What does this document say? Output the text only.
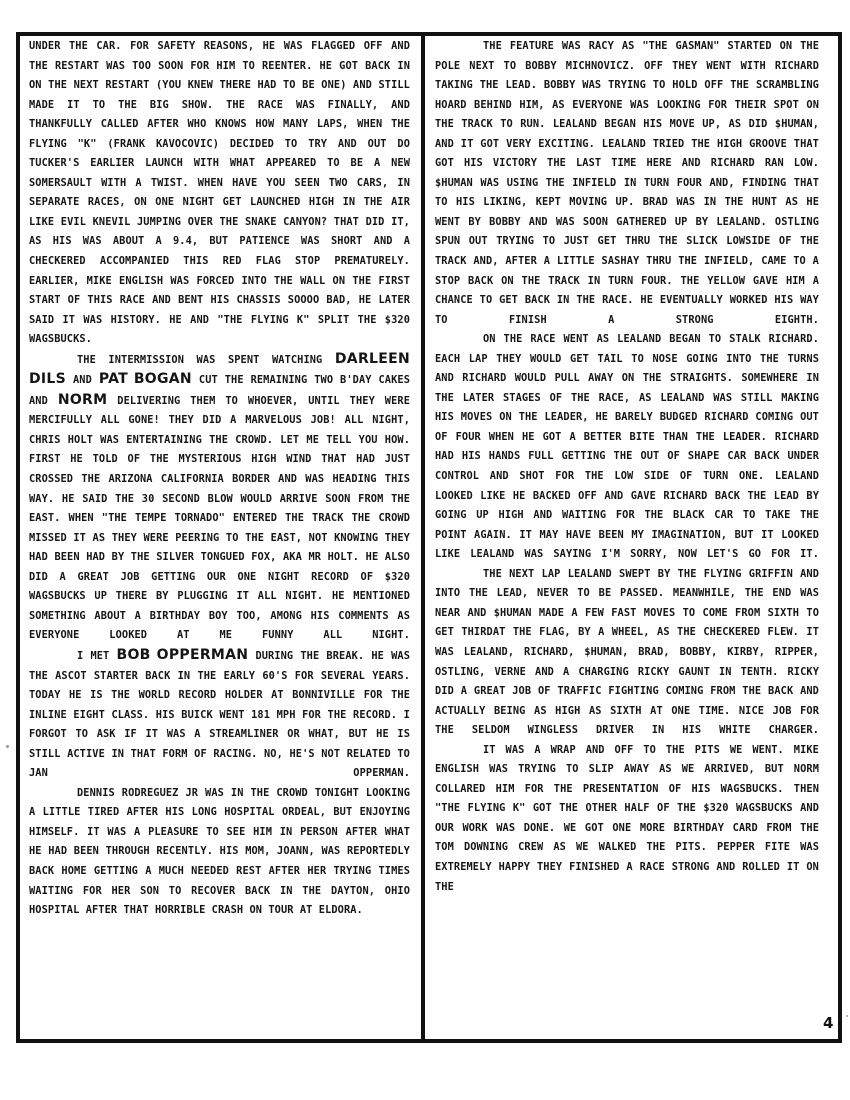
UNDER THE CAR. FOR SAFETY REASONS, HE WAS FLAGGED OFF AND THE RESTART WAS TOO SOON FOR HIM TO REENTER. HE GOT BACK IN ON THE NEXT RESTART (YOU KNEW THERE HAD TO BE ONE) AND STILL MADE IT TO THE BIG SHOW. THE RACE WAS FINALLY, AND THANKFULLY CALLED AFTER WHO KNOWS HOW MANY LAPS, WHEN THE FLYING "K" (FRANK KAVOCOVIC) DECIDED TO TRY AND OUT DO TUCKER'S EARLIER LAUNCH WITH WHAT APPEARED TO BE A NEW SOMERSAULT WITH A TWIST. WHEN HAVE YOU SEEN TWO CARS, IN SEPARATE RACES, ON ONE NIGHT GET LAUNCHED HIGH IN THE AIR LIKE EVIL KNEVIL JUMPING OVER THE SNAKE CANYON? THAT DID IT, AS HIS WAS ABOUT A 9.4, BUT PATIENCE WAS SHORT AND A CHECKERED ACCOMPANIED THIS RED FLAG STOP PREMATURELY. EARLIER, MIKE ENGLISH WAS FORCED INTO THE WALL ON THE FIRST START OF THIS RACE AND BENT HIS CHASSIS SOOOO BAD, HE LATER SAID IT WAS HISTORY. HE AND "THE FLYING K" SPLIT THE $320 WAGSBUCKS.

THE INTERMISSION WAS SPENT WATCHING DARLEEN DILS AND PAT BOGAN CUT THE REMAINING TWO B'DAY CAKES AND NORM DELIVERING THEM TO WHOEVER, UNTIL THEY WERE MERCIFULLY ALL GONE! THEY DID A MARVELOUS JOB! ALL NIGHT, CHRIS HOLT WAS ENTERTAINING THE CROWD. LET ME TELL YOU HOW. FIRST HE TOLD OF THE MYSTERIOUS HIGH WIND THAT HAD JUST CROSSED THE ARIZONA CALIFORNIA BORDER AND WAS HEADING THIS WAY. HE SAID THE 30 SECOND BLOW WOULD ARRIVE SOON FROM THE EAST. WHEN "THE TEMPE TORNADO" ENTERED THE TRACK THE CROWD MISSED IT AS THEY WERE PEERING TO THE EAST, NOT KNOWING THEY HAD BEEN HAD BY THE SILVER TONGUED FOX, AKA MR HOLT. HE ALSO DID A GREAT JOB GETTING OUR ONE NIGHT RECORD OF $320 WAGSBUCKS UP THERE BY PLUGGING IT ALL NIGHT. HE MENTIONED SOMETHING ABOUT A BIRTHDAY BOY TOO, AMONG HIS COMMENTS AS EVERYONE LOOKED AT ME FUNNY ALL NIGHT.

I MET BOB OPPERMAN DURING THE BREAK. HE WAS THE ASCOT STARTER BACK IN THE EARLY 60'S FOR SEVERAL YEARS. TODAY HE IS THE WORLD RECORD HOLDER AT BONNIVILLE FOR THE INLINE EIGHT CLASS. HIS BUICK WENT 181 MPH FOR THE RECORD. I FORGOT TO ASK IF IT WAS A STREAMLINER OR WHAT, BUT HE IS STILL ACTIVE IN THAT FORM OF RACING. NO, HE'S NOT RELATED TO JAN OPPERMAN.

DENNIS RODREGUEZ JR WAS IN THE CROWD TONIGHT LOOKING A LITTLE TIRED AFTER HIS LONG HOSPITAL ORDEAL, BUT ENJOYING HIMSELF. IT WAS A PLEASURE TO SEE HIM IN PERSON AFTER WHAT HE HAD BEEN THROUGH RECENTLY. HIS MOM, JOANN, WAS REPORTEDLY BACK HOME GETTING A MUCH NEEDED REST AFTER HER TRYING TIMES WAITING FOR HER SON TO RECOVER BACK IN THE DAYTON, OHIO HOSPITAL AFTER THAT HORRIBLE CRASH ON TOUR AT ELDORA.

THE FEATURE WAS RACY AS "THE GASMAN" STARTED ON THE POLE NEXT TO BOBBY MICHNOVICZ. OFF THEY WENT WITH RICHARD TAKING THE LEAD. BOBBY WAS TRYING TO HOLD OFF THE SCRAMBLING HOARD BEHIND HIM, AS EVERYONE WAS LOOKING FOR THEIR SPOT ON THE TRACK TO RUN. LEALAND BEGAN HIS MOVE UP, AS DID $HUMAN, AND IT GOT VERY EXCITING. LEALAND TRIED THE HIGH GROOVE THAT GOT HIS VICTORY THE LAST TIME HERE AND RICHARD RAN LOW. $HUMAN WAS USING THE INFIELD IN TURN FOUR AND, FINDING THAT TO HIS LIKING, KEPT MOVING UP. BRAD WAS IN THE HUNT AS HE WENT BY BOBBY AND WAS SOON GATHERED UP BY LEALAND. OSTLING SPUN OUT TRYING TO JUST GET THRU THE SLICK LOWSIDE OF THE TRACK AND, AFTER A LITTLE SASHAY THRU THE INFIELD, CAME TO A STOP BACK ON THE TRACK IN TURN FOUR. THE YELLOW GAVE HIM A CHANCE TO GET BACK IN THE RACE. HE EVENTUALLY WORKED HIS WAY TO FINISH A STRONG EIGHTH.

ON THE RACE WENT AS LEALAND BEGAN TO STALK RICHARD. EACH LAP THEY WOULD GET TAIL TO NOSE GOING INTO THE TURNS AND RICHARD WOULD PULL AWAY ON THE STRAIGHTS. SOMEWHERE IN THE LATER STAGES OF THE RACE, AS LEALAND WAS STILL MAKING HIS MOVES ON THE LEADER, HE BARELY BUDGED RICHARD COMING OUT OF FOUR WHEN HE GOT A BETTER BITE THAN THE LEADER. RICHARD HAD HIS HANDS FULL GETTING THE OUT OF SHAPE CAR BACK UNDER CONTROL AND SHOT FOR THE LOW SIDE OF TURN ONE. LEALAND LOOKED LIKE HE BACKED OFF AND GAVE RICHARD BACK THE LEAD BY GOING UP HIGH AND WAITING FOR THE BLACK CAR TO TAKE THE POINT AGAIN. IT MAY HAVE BEEN MY IMAGINATION, BUT IT LOOKED LIKE LEALAND WAS SAYING I'M SORRY, NOW LET'S GO FOR IT.

THE NEXT LAP LEALAND SWEPT BY THE FLYING GRIFFIN AND INTO THE LEAD, NEVER TO BE PASSED. MEANWHILE, THE END WAS NEAR AND $HUMAN MADE A FEW FAST MOVES TO COME FROM SIXTH TO GET THIRDAT THE FLAG, BY A WHEEL, AS THE CHECKERED FLEW. IT WAS LEALAND, RICHARD, $HUMAN, BRAD, BOBBY, KIRBY, RIPPER, OSTLING, VERNE AND A CHARGING RICKY GAUNT IN TENTH. RICKY DID A GREAT JOB OF TRAFFIC FIGHTING COMING FROM THE BACK AND ACTUALLY BEING AS HIGH AS SIXTH AT ONE TIME. NICE JOB FOR THE SELDOM WINGLESS DRIVER IN HIS WHITE CHARGER.

IT WAS A WRAP AND OFF TO THE PITS WE WENT. MIKE ENGLISH WAS TRYING TO SLIP AWAY AS WE ARRIVED, BUT NORM COLLARED HIM FOR THE PRESENTATION OF HIS WAGSBUCKS. THEN "THE FLYING K" GOT THE OTHER HALF OF THE $320 WAGSBUCKS AND OUR WORK WAS DONE. WE GOT ONE MORE BIRTHDAY CARD FROM THE TOM DOWNING CREW AS WE WALKED THE PITS. PEPPER FITE WAS EXTREMELY HAPPY THEY FINISHED A RACE STRONG AND ROLLED IT ON THE

4
